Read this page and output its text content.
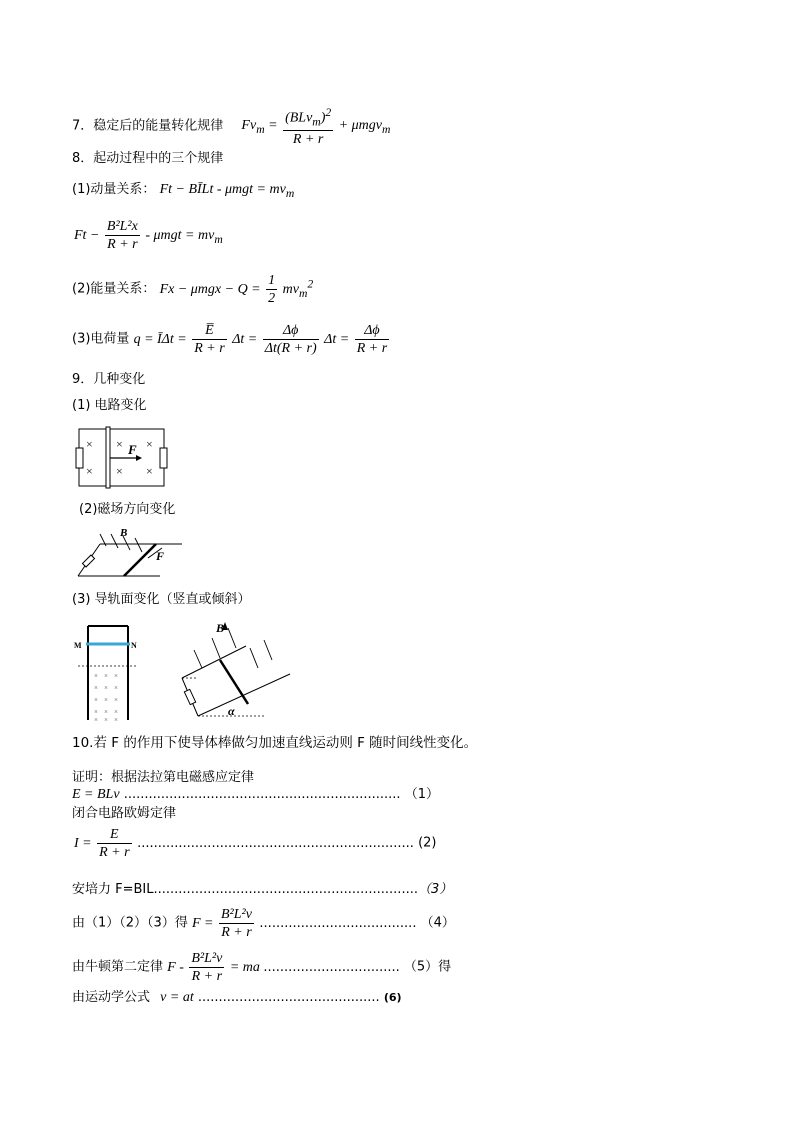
7．稳定后的能量转化规律 $Fv_m = \frac{(BLv_m)^2}{R + r} + \mu mgv_m$
8．起动过程中的三个规律
(1)动量关系： Ft − BĪLt - $\mu mgt = mv_m$
$Ft - \frac{\text{B²L²x}}{R + r} - \mu mgt = mv_m$
(2)能量关系： $Fx - \mu mgx - Q = \frac{1}{2} mv_m^2$
(3)电荷量 q = ĪΔt = $\frac{E̅}{R + r}$ $\Delta t = \frac{\Delta\phi}{\Delta t(R + r)}$ $\Delta t = \frac{\Delta\phi}{R + r}$
9．几种变化
(1) 电路变化
×
×
×
×
×
×
F
(2)磁场方向变化
B
F
(3) 导轨面变化（竖直或倾斜）
M	N
× × ×
× × ×
× × ×
× × ×
× × ×
B
α
10.若 F 的作用下使导体棒做匀加速直线运动则 F 随时间线性变化。
证明：根据法拉第电磁感应定律
E = BLv ................................................................... （1）
闭合电路欧姆定律
$I = \frac{E}{R + r}$ ................................................................... (2)
安培力 F=BIL................................................................（3）
由（1）（2）（3）得 $F = \frac{\text{B²L²v}}{R + r}$ ...................................... （4）
由牛顿第二定律 F - $\frac{\text{B²L²v}}{R + r}$ = ma ................................. （5）得
由运动学公式 v = at ............................................ (6)
